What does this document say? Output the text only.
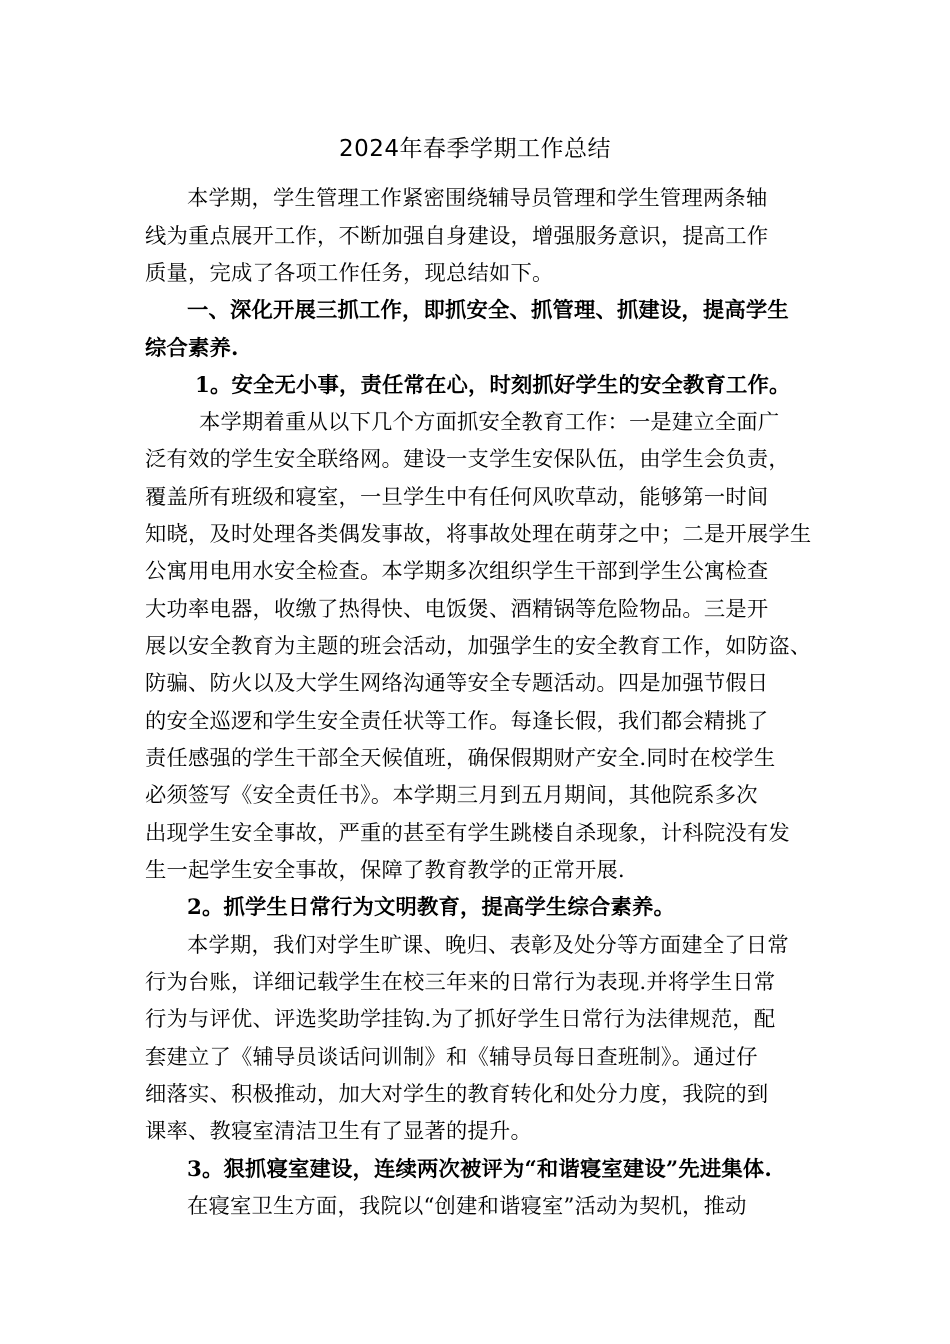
2024年春季学期工作总结
本学期，学生管理工作紧密围绕辅导员管理和学生管理两条轴
线为重点展开工作，不断加强自身建设，增强服务意识，提高工作
质量，完成了各项工作任务，现总结如下。
一、深化开展三抓工作，即抓安全、抓管理、抓建设，提高学生
综合素养.
1。安全无小事，责任常在心，时刻抓好学生的安全教育工作。
本学期着重从以下几个方面抓安全教育工作：一是建立全面广
泛有效的学生安全联络网。建设一支学生安保队伍，由学生会负责，
覆盖所有班级和寝室，一旦学生中有任何风吹草动，能够第一时间
知晓，及时处理各类偶发事故，将事故处理在萌芽之中；二是开展学生
公寓用电用水安全检查。本学期多次组织学生干部到学生公寓检查
大功率电器，收缴了热得快、电饭煲、酒精锅等危险物品。三是开
展以安全教育为主题的班会活动，加强学生的安全教育工作，如防盗、
防骗、防火以及大学生网络沟通等安全专题活动。四是加强节假日
的安全巡逻和学生安全责任状等工作。每逢长假，我们都会精挑了
责任感强的学生干部全天候值班，确保假期财产安全.同时在校学生
必须签写《安全责任书》。本学期三月到五月期间，其他院系多次
出现学生安全事故，严重的甚至有学生跳楼自杀现象，计科院没有发
生一起学生安全事故，保障了教育教学的正常开展.
2。抓学生日常行为文明教育，提高学生综合素养。
本学期，我们对学生旷课、晚归、表彰及处分等方面建全了日常
行为台账，详细记载学生在校三年来的日常行为表现.并将学生日常
行为与评优、评选奖助学挂钩.为了抓好学生日常行为法律规范，配
套建立了《辅导员谈话问训制》和《辅导员每日查班制》。通过仔
细落实、积极推动，加大对学生的教育转化和处分力度，我院的到
课率、教寝室清洁卫生有了显著的提升。
3。狠抓寝室建设，连续两次被评为“和谐寝室建设”先进集体.
在寝室卫生方面，我院以“创建和谐寝室”活动为契机，推动
